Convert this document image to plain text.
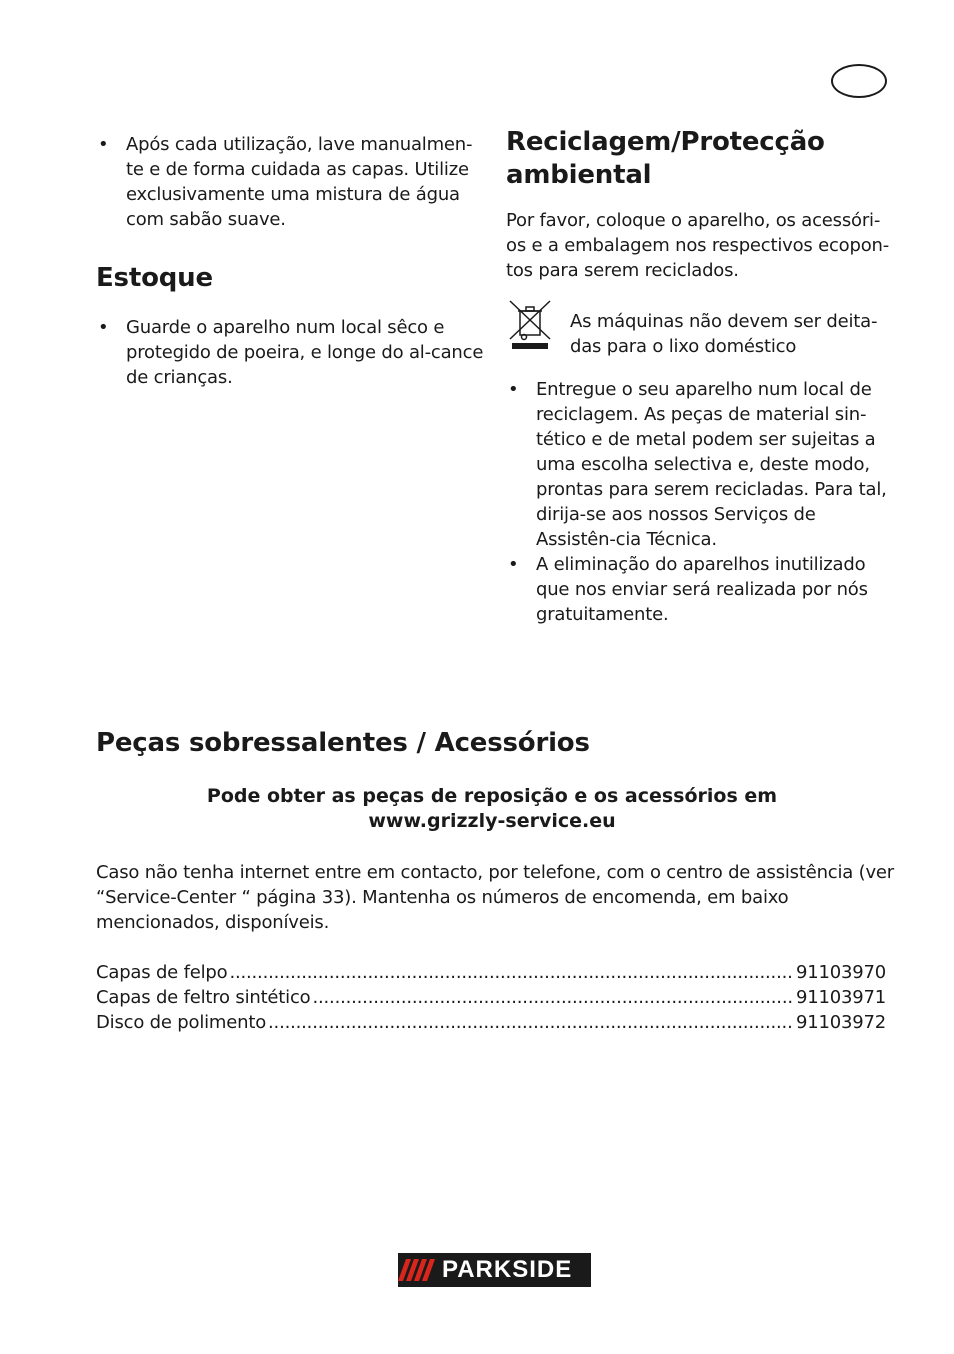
• Após cada utilização, lave manualmen-te e de forma cuidada as capas. Utilize exclusivamente uma mistura de água com sabão suave.
Estoque
• Guarde o aparelho num local sêco e protegido de poeira, e longe do al-cance de crianças.
Reciclagem/Protecção ambiental

Por favor, coloque o aparelho, os acessóri-os e a embalagem nos respectivos ecopon-tos para serem reciclados.

As máquinas não devem ser deita-das para o lixo doméstico
• Entregue o seu aparelho num local de reciclagem. As peças de material sin-tético e de metal podem ser sujeitas a uma escolha selectiva e, deste modo, prontas para serem recicladas. Para tal, dirija-se aos nossos Serviços de Assistên-cia Técnica.
• A eliminação do aparelhos inutilizado que nos enviar será realizada por nós gratuitamente.
Peças sobressalentes / Acessórios
Pode obter as peças de reposição e os acessórios em
www.grizzly-service.eu

Caso não tenha internet entre em contacto, por telefone, com o centro de assistência (ver “Service-Center “ página 33). Mantenha os números de encomenda, em baixo mencionados, disponíveis.

Capas de felpo .....	91103970
Capas de feltro sintético .....	91103971
Disco de polimento .....	91103972
PARKSIDE
